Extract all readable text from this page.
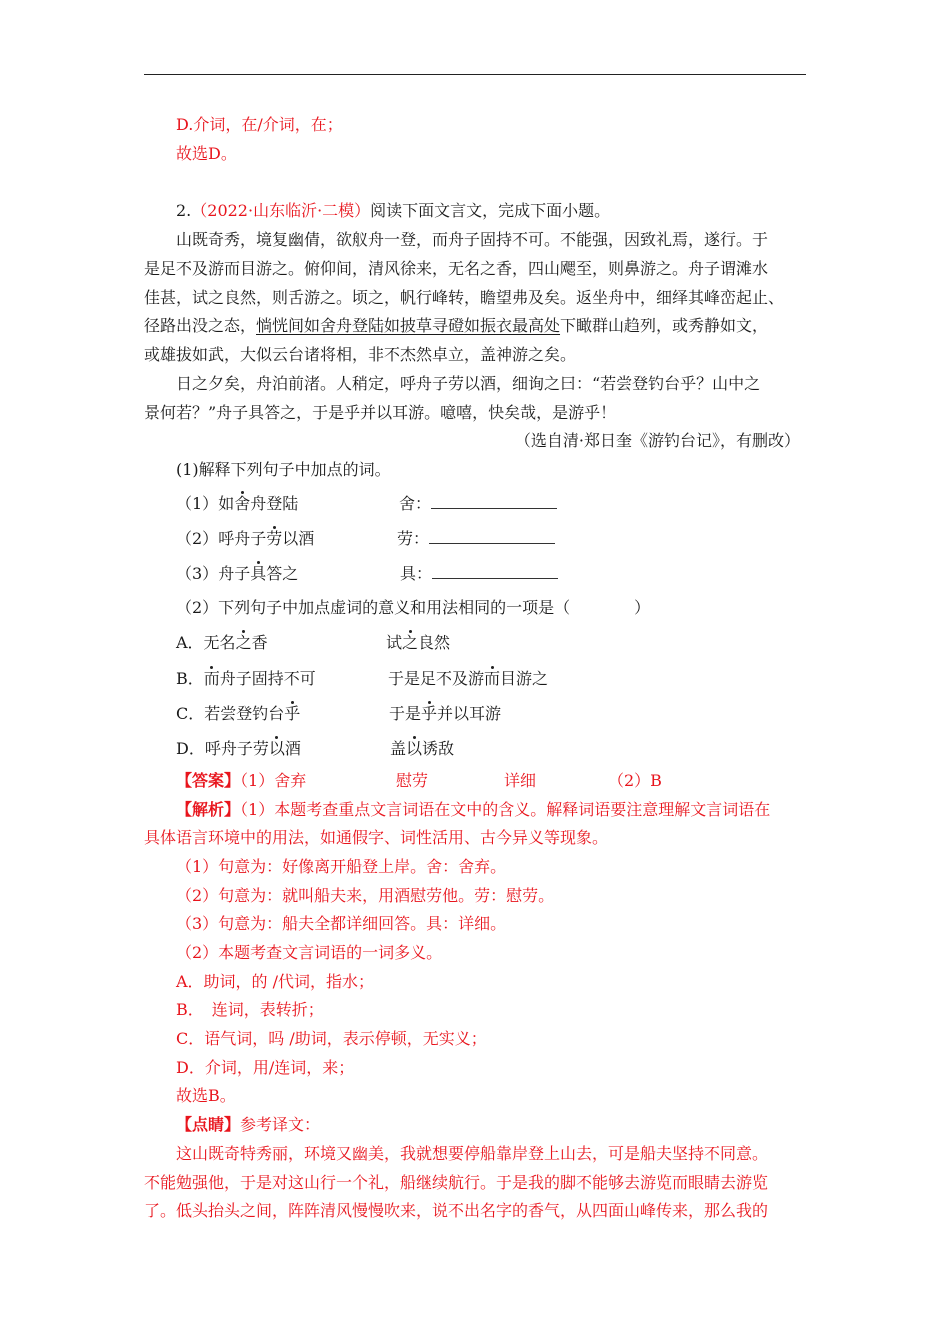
D.介词，在/介词，在；
故选D。
2.（2022·山东临沂·二模）阅读下面文言文，完成下面小题。
山既奇秀，境复幽倩，欲舣舟一登，而舟子固持不可。不能强，因致礼焉，遂行。于
是足不及游而目游之。俯仰间，清风徐来，无名之香，四山飔至，则鼻游之。舟子谓滩水
佳甚，试之良然，则舌游之。顷之，帆行峰转，瞻望弗及矣。返坐舟中，细绎其峰峦起止、
径路出没之态，惝恍间如舍舟登陆如披草寻磴如振衣最高处下瞰群山趋列，或秀静如文，
或雄拔如武，大似云台诸将相，非不杰然卓立，盖神游之矣。
日之夕矣，舟泊前渚。人稍定，呼舟子劳以酒，细询之曰：“若尝登钓台乎？山中之
景何若？”舟子具答之，于是乎并以耳游。噫嘻，快矣哉，是游乎！
（选自清·郑日奎《游钓台记》，有删改）
(1)解释下列句子中加点的词。
（1）如舍舟登陆	舍：
（2）呼舟子劳以酒	劳：
（3）舟子具答之	具：
（2）下列句子中加点虚词的意义和用法相同的一项是（　　　　）
A．无名之香	试之良然
B．而舟子固持不可	于是足不及游而目游之
C．若尝登钓台乎	于是乎并以耳游
D．呼舟子劳以酒	盖以诱敌
【答案】（1）舍弃	慰劳	详细	（2）B
【解析】（1）本题考查重点文言词语在文中的含义。解释词语要注意理解文言词语在
具体语言环境中的用法，如通假字、词性活用、古今异义等现象。
（1）句意为：好像离开船登上岸。舍：舍弃。
（2）句意为：就叫船夫来，用酒慰劳他。劳：慰劳。
（3）句意为：船夫全都详细回答。具：详细。
（2）本题考查文言词语的一词多义。
A．助词，的 /代词，指水；
B．　连词，表转折；
C．语气词，吗 /助词，表示停顿，无实义；
D．介词，用/连词，来；
故选B。
【点睛】参考译文：
这山既奇特秀丽，环境又幽美，我就想要停船靠岸登上山去，可是船夫坚持不同意。
不能勉强他，于是对这山行一个礼，船继续航行。于是我的脚不能够去游览而眼睛去游览
了。低头抬头之间，阵阵清风慢慢吹来，说不出名字的香气，从四面山峰传来，那么我的
